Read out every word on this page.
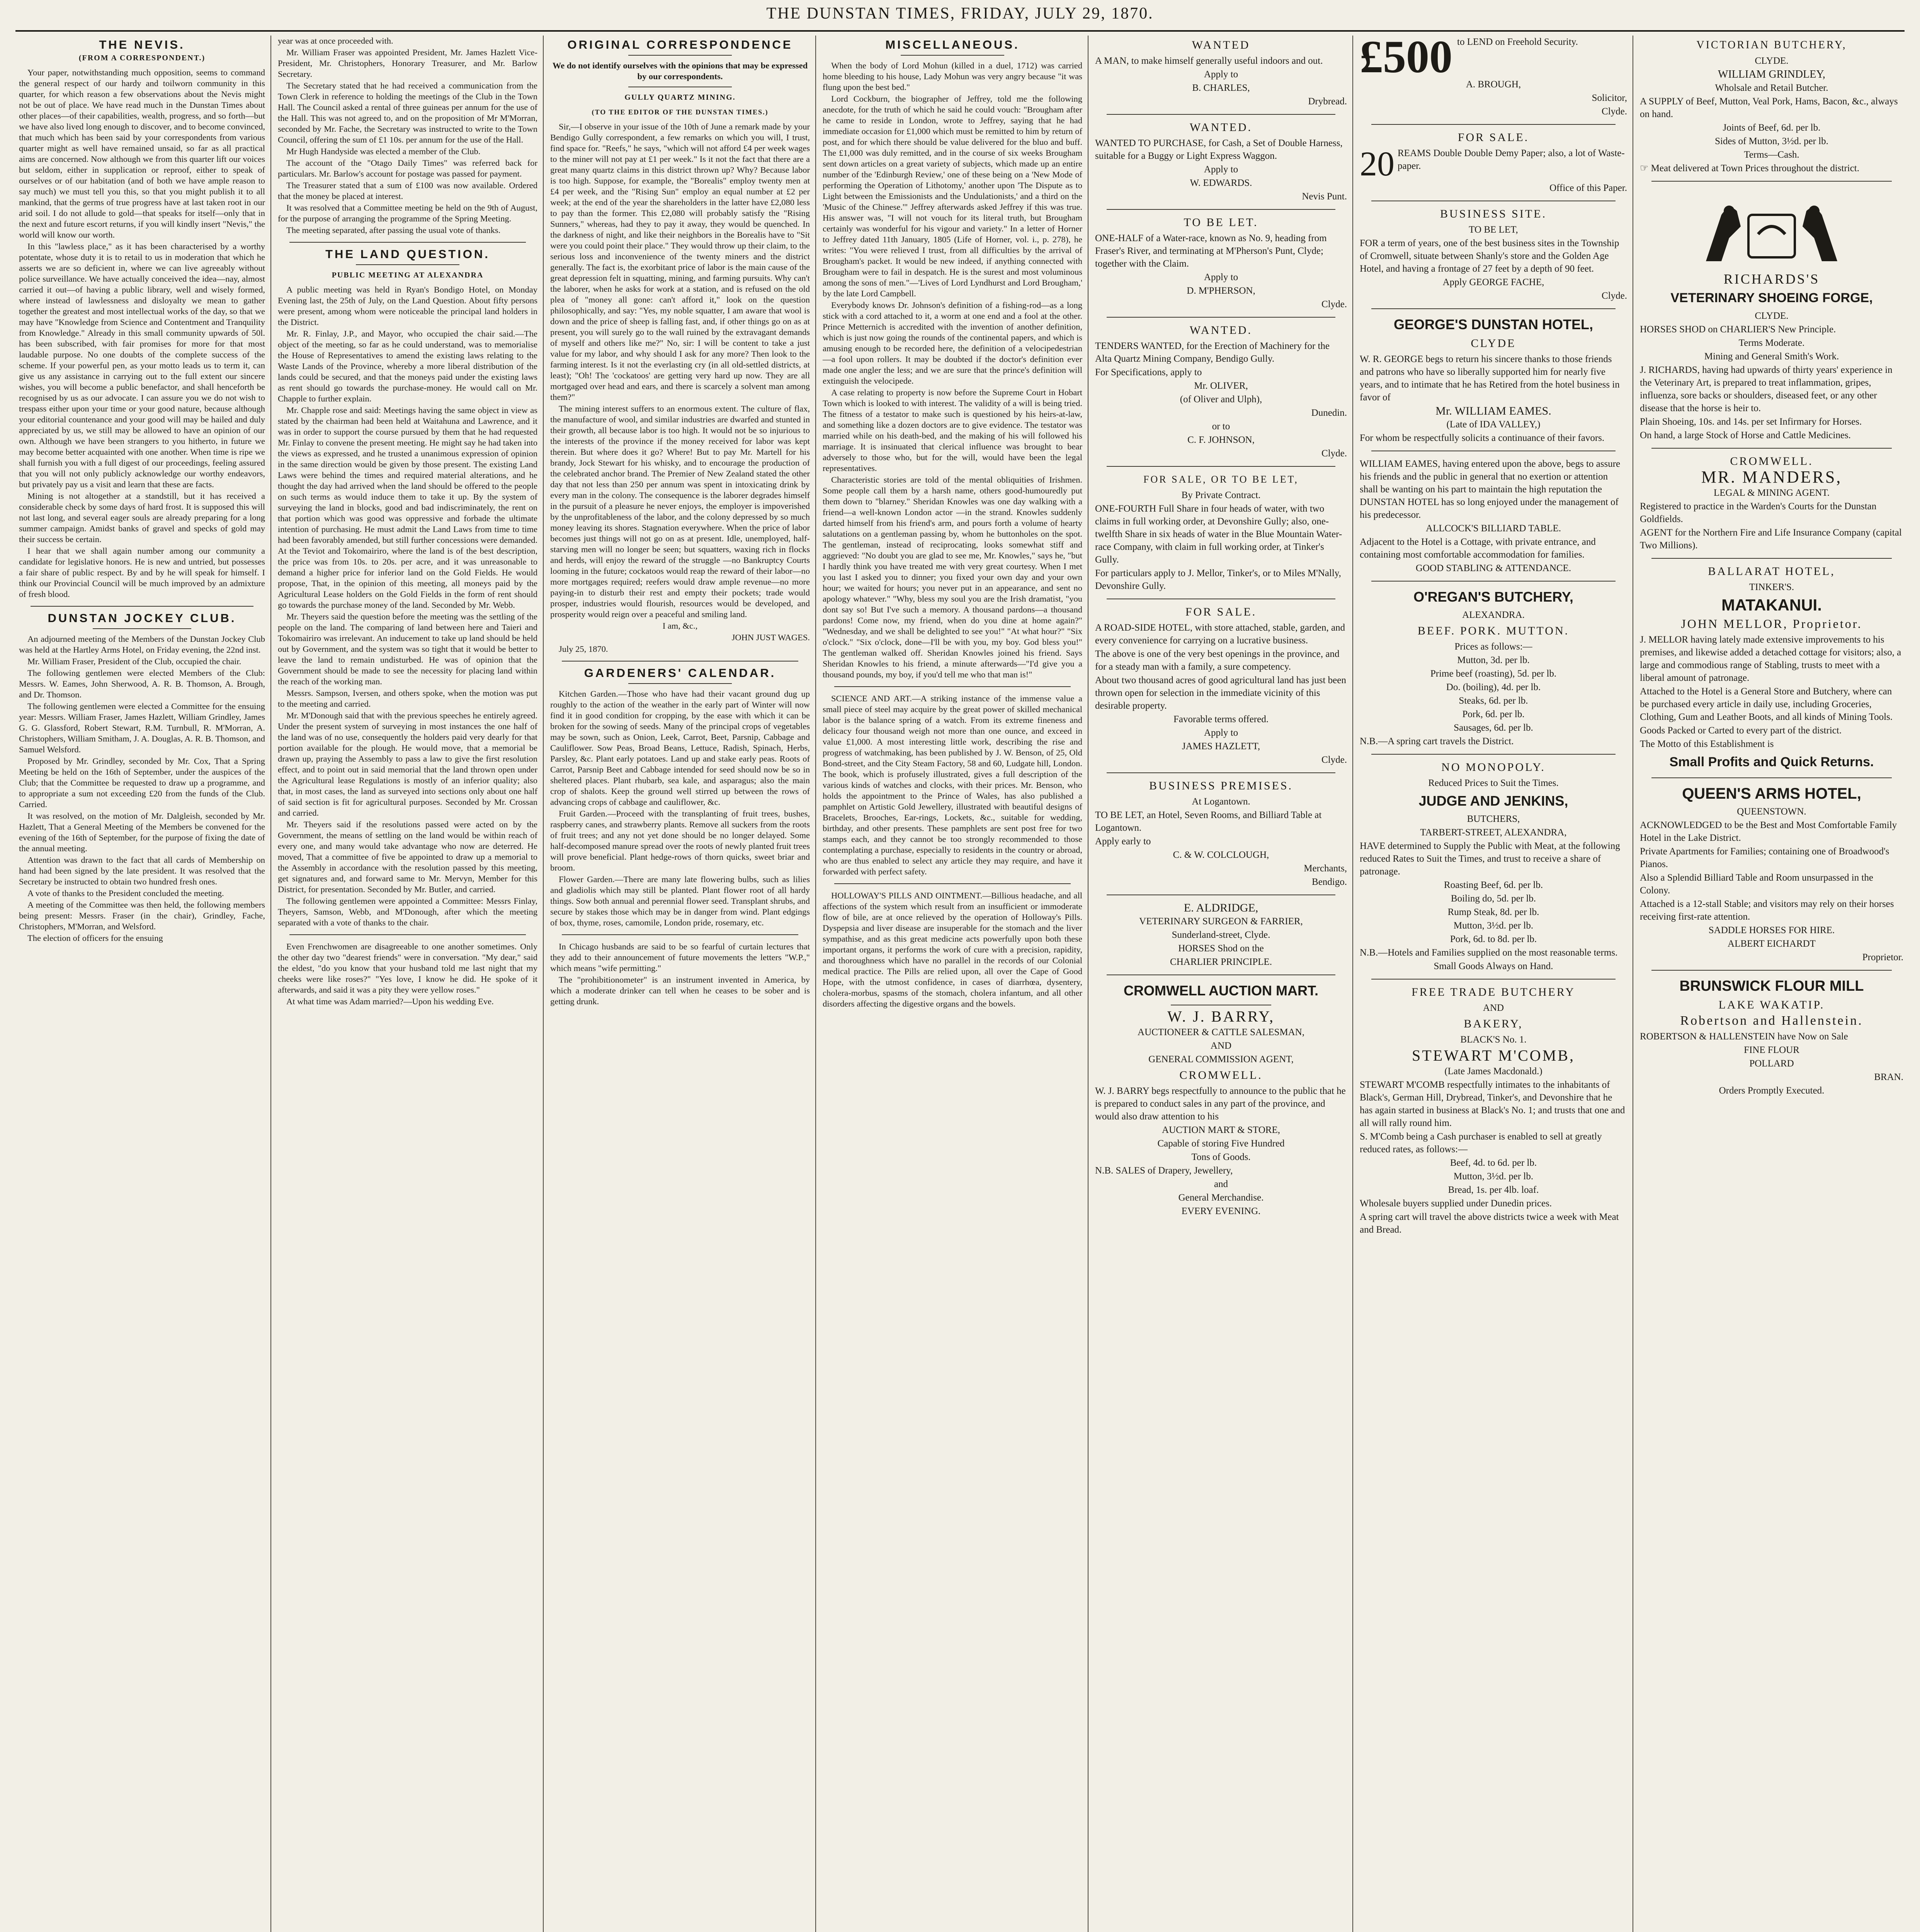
THE DUNSTAN TIMES, FRIDAY, JULY 29, 1870.
THE NEVIS.
(FROM A CORRESPONDENT.)

Your paper, notwithstanding much opposition, seems to command the general respect of our hardy and toilworn community in this quarter, for which reason a few observations about the Nevis might not be out of place. We have read much in the Dunstan Times about other places—of their capabilities, wealth, progress, and so forth—but we have also lived long enough to discover, and to become convinced, that much which has been said by your correspondents from various quarter might as well have remained unsaid, so far as all practical aims are concerned. Now although we from this quarter lift our voices but seldom, either in supplication or reproof, either to speak of ourselves or of our habitation (and of both we have ample reason to say much) we must tell you this, so that you might publish it to all mankind, that the germs of true progress have at last taken root in our arid soil. I do not allude to gold—that speaks for itself—only that in the next and future escort returns, if you will kindly insert "Nevis," the world will know our worth.

In this "lawless place," as it has been characterised by a worthy potentate, whose duty it is to retail to us in moderation that which he asserts we are so deficient in, where we can live agreeably without police surveillance. We have actually conceived the idea—nay, almost carried it out—of having a public library, well and wisely formed, where instead of lawlessness and disloyalty we mean to gather together the greatest and most intellectual works of the day, so that we may have "Knowledge from Science and Contentment and Tranquility from Knowledge." Already in this small community upwards of 50l. has been subscribed, with fair promises for more for that most laudable purpose. No one doubts of the complete success of the scheme. If your powerful pen, as your motto leads us to term it, can give us any assistance in carrying out to the full extent our sincere wishes, you will become a public benefactor, and shall henceforth be recognised by us as our advocate. I can assure you we do not wish to trespass either upon your time or your good nature, because although your editorial countenance and your good will may be hailed and duly appreciated by us, we still may be allowed to have an opinion of our own. Although we have been strangers to you hitherto, in future we may become better acquainted with one another. When time is ripe we shall furnish you with a full digest of our proceedings, feeling assured that you will not only publicly acknowledge our worthy endeavors, but privately pay us a visit and learn that these are facts.

Mining is not altogether at a standstill, but it has received a considerable check by some days of hard frost. It is supposed this will not last long, and several eager souls are already preparing for a long summer campaign. Amidst banks of gravel and specks of gold may their success be certain.

I hear that we shall again number among our community a candidate for legislative honors. He is new and untried, but possesses a fair share of public respect. By and by he will speak for himself. I think our Provincial Council will be much improved by an admixture of fresh blood.

DUNSTAN JOCKEY CLUB.

An adjourned meeting of the Members of the Dunstan Jockey Club was held at the Hartley Arms Hotel, on Friday evening, the 22nd inst.

Mr. William Fraser, President of the Club, occupied the chair.

The following gentlemen were elected Members of the Club: Messrs. W. Eames, John Sherwood, A. R. B. Thomson, A. Brough, and Dr. Thomson.

The following gentlemen were elected a Committee for the ensuing year: Messrs. William Fraser, James Hazlett, William Grindley, James G. G. Glassford, Robert Stewart, R.M. Turnbull, R. M'Morran, A. Christophers, William Smitham, J. A. Douglas, A. R. B. Thomson, and Samuel Welsford.

Proposed by Mr. Grindley, seconded by Mr. Cox, That a Spring Meeting be held on the 16th of September, under the auspices of the Club; that the Committee be requested to draw up a programme, and to appropriate a sum not exceeding £20 from the funds of the Club. Carried.

It was resolved, on the motion of Mr. Dalgleish, seconded by Mr. Hazlett, That a General Meeting of the Members be convened for the evening of the 16th of September, for the purpose of fixing the date of the annual meeting.

Attention was drawn to the fact that all cards of Membership on hand had been signed by the late president. It was resolved that the Secretary be instructed to obtain two hundred fresh ones.

A vote of thanks to the President concluded the meeting.

A meeting of the Committee was then held, the following members being present: Messrs. Fraser (in the chair), Grindley, Fache, Christophers, M'Morran, and Welsford.

The election of officers for the ensuing

year was at once proceeded with.

Mr. William Fraser was appointed President, Mr. James Hazlett Vice-President, Mr. Christophers, Honorary Treasurer, and Mr. Barlow Secretary.

The Secretary stated that he had received a communication from the Town Clerk in reference to holding the meetings of the Club in the Town Hall. The Council asked a rental of three guineas per annum for the use of the Hall. This was not agreed to, and on the proposition of Mr M'Morran, seconded by Mr. Fache, the Secretary was instructed to write to the Town Council, offering the sum of £1 10s. per annum for the use of the Hall.

Mr Hugh Handyside was elected a member of the Club.

The account of the "Otago Daily Times" was referred back for particulars. Mr. Barlow's account for postage was passed for payment.

The Treasurer stated that a sum of £100 was now available. Ordered that the money be placed at interest.

It was resolved that a Committee meeting be held on the 9th of August, for the purpose of arranging the programme of the Spring Meeting.

The meeting separated, after passing the usual vote of thanks.

THE LAND QUESTION.
PUBLIC MEETING AT ALEXANDRA

A public meeting was held in Ryan's Bondigo Hotel, on Monday Evening last, the 25th of July, on the Land Question. About fifty persons were present, among whom were noticeable the principal land holders in the District.

Mr. R. Finlay, J.P., and Mayor, who occupied the chair said.—The object of the meeting, so far as he could understand, was to memorialise the House of Representatives to amend the existing laws relating to the Waste Lands of the Province, whereby a more liberal distribution of the lands could be secured, and that the moneys paid under the existing laws as rent should go towards the purchase-money. He would call on Mr. Chapple to further explain.

Mr. Chapple rose and said: Meetings having the same object in view as stated by the chairman had been held at Waitahuna and Lawrence, and it was in order to support the course pursued by them that he had requested Mr. Finlay to convene the present meeting. He might say he had taken into the views as expressed, and he trusted a unanimous expression of opinion in the same direction would be given by those present. The existing Land Laws were behind the times and required material alterations, and he thought the day had arrived when the land should be offered to the people on such terms as would induce them to take it up. By the system of surveying the land in blocks, good and bad indiscriminately, the rent on that portion which was good was oppressive and forbade the ultimate intention of purchasing. He must admit the Land Laws from time to time had been favorably amended, but still further concessions were demanded. At the Teviot and Tokomairiro, where the land is of the best description, the price was from 10s. to 20s. per acre, and it was unreasonable to demand a higher price for inferior land on the Gold Fields. He would propose, That, in the opinion of this meeting, all moneys paid by the Agricultural Lease holders on the Gold Fields in the form of rent should go towards the purchase money of the land. Seconded by Mr. Webb.

Mr. Theyers said the question before the meeting was the settling of the people on the land. The comparing of land between here and Taieri and Tokomairiro was irrelevant. An inducement to take up land should be held out by Government, and the system was so tight that it would be better to leave the land to remain undisturbed. He was of opinion that the Government should be made to see the necessity for placing land within the reach of the working man.

Messrs. Sampson, Iversen, and others spoke, when the motion was put to the meeting and carried.

Mr. M'Donough said that with the previous speeches he entirely agreed. Under the present system of surveying in most instances the one half of the land was of no use, consequently the holders paid very dearly for that portion available for the plough. He would move, that a memorial be drawn up, praying the Assembly to pass a law to give the first resolution effect, and to point out in said memorial that the land thrown open under the Agricultural lease Regulations is mostly of an inferior quality; also that, in most cases, the land as surveyed into sections only about one half of said section is fit for agricultural purposes. Seconded by Mr. Crossan and carried.

Mr. Theyers said if the resolutions passed were acted on by the Government, the means of settling on the land would be within reach of every one, and many would take advantage who now are deterred. He moved, That a committee of five be appointed to draw up a memorial to the Assembly in accordance with the resolution passed by this meeting, get signatures and, and forward same to Mr. Mervyn, Member for this District, for presentation. Seconded by Mr. Butler, and carried.

The following gentlemen were appointed a Committee: Messrs Finlay, Theyers, Samson, Webb, and M'Donough, after which the meeting separated with a vote of thanks to the chair.

Even Frenchwomen are disagreeable to one another sometimes. Only the other day two "dearest friends" were in conversation. "My dear," said the eldest, "do you know that your husband told me last night that my cheeks were like roses?" "Yes love, I know he did. He spoke of it afterwards, and said it was a pity they were yellow roses."

At what time was Adam married?—Upon his wedding Eve.

ORIGINAL CORRESPONDENCE

We do not identify ourselves with the opinions that may be expressed by our correspondents.

GULLY QUARTZ MINING.
(TO THE EDITOR OF THE DUNSTAN TIMES.)

Sir,—I observe in your issue of the 10th of June a remark made by your Bendigo Gully correspondent, a few remarks on which you will, I trust, find space for. "Reefs," he says, "which will not afford £4 per week wages to the miner will not pay at £1 per week." Is it not the fact that there are a great many quartz claims in this district thrown up? Why? Because labor is too high. Suppose, for example, the "Borealis" employ twenty men at £4 per week, and the "Rising Sun" employ an equal number at £2 per week; at the end of the year the shareholders in the latter have £2,080 less to pay than the former. This £2,080 will probably satisfy the "Rising Sunners," whereas, had they to pay it away, they would be quenched. In the darkness of night, and like their neighbors in the Borealis have to "Sit were you could point their place." They would throw up their claim, to the serious loss and inconvenience of the twenty miners and the district generally. The fact is, the exorbitant price of labor is the main cause of the great depression felt in squatting, mining, and farming pursuits. Why can't the laborer, when he asks for work at a station, and is refused on the old plea of "money all gone: can't afford it," look on the question philosophically, and say: "Yes, my noble squatter, I am aware that wool is down and the price of sheep is falling fast, and, if other things go on as at present, you will surely go to the wall ruined by the extravagant demands of myself and others like me?" No, sir: I will be content to take a just value for my labor, and why should I ask for any more? Then look to the farming interest. Is it not the everlasting cry (in all old-settled districts, at least); "Oh! The 'cockatoos' are getting very hard up now. They are all mortgaged over head and ears, and there is scarcely a solvent man among them?"

The mining interest suffers to an enormous extent. The culture of flax, the manufacture of wool, and similar industries are dwarfed and stunted in their growth, all because labor is too high. It would not be so injurious to the interests of the province if the money received for labor was kept therein. But where does it go? Where! But to pay Mr. Martell for his brandy, Jock Stewart for his whisky, and to encourage the production of the celebrated anchor brand. The Premier of New Zealand stated the other day that not less than 250 per annum was spent in intoxicating drink by every man in the colony. The consequence is the laborer degrades himself in the pursuit of a pleasure he never enjoys, the employer is impoverished by the unprofitableness of the labor, and the colony depressed by so much money leaving its shores. Stagnation everywhere. When the price of labor becomes just things will not go on as at present. Idle, unemployed, half-starving men will no longer be seen; but squatters, waxing rich in flocks and herds, will enjoy the reward of the struggle —no Bankruptcy Courts looming in the future; cockatoos would reap the reward of their labor—no more mortgages required; reefers would draw ample revenue—no more paying-in to disturb their rest and empty their pockets; trade would prosper, industries would flourish, resources would be developed, and prosperity would reign over a peaceful and smiling land.

I am, &c.,

JOHN JUST WAGES.

July 25, 1870.

GARDENERS' CALENDAR.

Kitchen Garden.—Those who have had their vacant ground dug up roughly to the action of the weather in the early part of Winter will now find it in good condition for cropping, by the ease with which it can be broken for the sowing of seeds. Many of the principal crops of vegetables may be sown, such as Onion, Leek, Carrot, Beet, Parsnip, Cabbage and Cauliflower. Sow Peas, Broad Beans, Lettuce, Radish, Spinach, Herbs, Parsley, &c. Plant early potatoes. Land up and stake early peas. Roots of Carrot, Parsnip Beet and Cabbage intended for seed should now be so in sheltered places. Plant rhubarb, sea kale, and asparagus; also the main crop of shalots. Keep the ground well stirred up between the rows of advancing crops of cabbage and cauliflower, &c.

Fruit Garden.—Proceed with the transplanting of fruit trees, bushes, raspberry canes, and strawberry plants. Remove all suckers from the roots of fruit trees; and any not yet done should be no longer delayed. Some half-decomposed manure spread over the roots of newly planted fruit trees will prove beneficial. Plant hedge-rows of thorn quicks, sweet briar and broom.

Flower Garden.—There are many late flowering bulbs, such as lilies and gladiolis which may still be planted. Plant flower root of all hardy things. Sow both annual and perennial flower seed. Transplant shrubs, and secure by stakes those which may be in danger from wind. Plant edgings of box, thyme, roses, camomile, London pride, rosemary, etc.

In Chicago husbands are said to be so fearful of curtain lectures that they add to their announcement of future movements the letters "W.P.," which means "wife permitting."

The "prohibitionometer" is an instrument invented in America, by which a moderate drinker can tell when he ceases to be sober and is getting drunk.

MISCELLANEOUS.

When the body of Lord Mohun (killed in a duel, 1712) was carried home bleeding to his house, Lady Mohun was very angry because "it was flung upon the best bed."

Lord Cockburn, the biographer of Jeffrey, told me the following anecdote, for the truth of which he said he could vouch: "Brougham after he came to reside in London, wrote to Jeffrey, saying that he had immediate occasion for £1,000 which must be remitted to him by return of post, and for which there should be value delivered for the bluo and buff. The £1,000 was duly remitted, and in the course of six weeks Brougham sent down articles on a great variety of subjects, which made up an entire number of the 'Edinburgh Review,' one of these being on a 'New Mode of performing the Operation of Lithotomy,' another upon 'The Dispute as to Light between the Emissionists and the Undulationists,' and a third on the 'Music of the Chinese.'" Jeffrey afterwards asked Jeffrey if this was true. His answer was, "I will not vouch for its literal truth, but Brougham certainly was wonderful for his vigour and variety." In a letter of Horner to Jeffrey dated 11th January, 1805 (Life of Horner, vol. i., p. 278), he writes: "You were relieved I trust, from all difficulties by the arrival of Brougham's packet. It would be new indeed, if anything connected with Brougham were to fail in despatch. He is the surest and most voluminous among the sons of men."—'Lives of Lord Lyndhurst and Lord Brougham,' by the late Lord Campbell.

Everybody knows Dr. Johnson's definition of a fishing-rod—as a long stick with a cord attached to it, a worm at one end and a fool at the other. Prince Metternich is accredited with the invention of another definition, which is just now going the rounds of the continental papers, and which is amusing enough to be recorded here, the definition of a velocipedestrian—a fool upon rollers. It may be doubted if the doctor's definition ever made one angler the less; and we are sure that the prince's definition will extinguish the velocipede.

A case relating to property is now before the Supreme Court in Hobart Town which is looked to with interest. The validity of a will is being tried. The fitness of a testator to make such is questioned by his heirs-at-law, and something like a dozen doctors are to give evidence. The testator was married while on his death-bed, and the making of his will followed his marriage. It is insinuated that clerical influence was brought to bear adversely to those who, but for the will, would have been the legal representatives.

Characteristic stories are told of the mental obliquities of Irishmen. Some people call them by a harsh name, others good-humouredly put them down to "blarney." Sheridan Knowles was one day walking with a friend—a well-known London actor —in the strand. Knowles suddenly darted himself from his friend's arm, and pours forth a volume of hearty salutations on a gentleman passing by, whom he buttonholes on the spot. The gentleman, instead of reciprocating, looks somewhat stiff and aggrieved: "No doubt you are glad to see me, Mr. Knowles," says he, "but I hardly think you have treated me with very great courtesy. When I met you last I asked you to dinner; you fixed your own day and your own hour; we waited for hours; you never put in an appearance, and sent no apology whatever." "Why, bless my soul you are the Irish dramatist, "you dont say so! But I've such a memory. A thousand pardons—a thousand pardons! Come now, my friend, when do you dine at home again?" "Wednesday, and we shall be delighted to see you!" "At what hour?" "Six o'clock." "Six o'clock, done—I'll be with you, my boy. God bless you!" The gentleman walked off. Sheridan Knowles joined his friend. Says Sheridan Knowles to his friend, a minute afterwards—"I'd give you a thousand pounds, my boy, if you'd tell me who that man is!"

SCIENCE AND ART.—A striking instance of the immense value a small piece of steel may acquire by the great power of skilled mechanical labor is the balance spring of a watch. From its extreme fineness and delicacy four thousand weigh not more than one ounce, and exceed in value £1,000. A most interesting little work, describing the rise and progress of watchmaking, has been published by J. W. Benson, of 25, Old Bond-street, and the City Steam Factory, 58 and 60, Ludgate hill, London. The book, which is profusely illustrated, gives a full description of the various kinds of watches and clocks, with their prices. Mr. Benson, who holds the appointment to the Prince of Wales, has also published a pamphlet on Artistic Gold Jewellery, illustrated with beautiful designs of Bracelets, Brooches, Ear-rings, Lockets, &c., suitable for wedding, birthday, and other presents. These pamphlets are sent post free for two stamps each, and they cannot be too strongly recommended to those contemplating a purchase, especially to residents in the country or abroad, who are thus enabled to select any article they may require, and have it forwarded with perfect safety.

HOLLOWAY'S PILLS AND OINTMENT.—Billious headache, and all affections of the system which result from an insufficient or immoderate flow of bile, are at once relieved by the operation of Holloway's Pills. Dyspepsia and liver disease are insuperable for the stomach and the liver sympathise, and as this great medicine acts powerfully upon both these important organs, it performs the work of cure with a precision, rapidity, and thoroughness which have no parallel in the records of our Colonial medical practice. The Pills are relied upon, all over the Cape of Good Hope, with the utmost confidence, in cases of diarrhœa, dysentery, cholera-morbus, spasms of the stomach, cholera infantum, and all other disorders affecting the digestive organs and the bowels.

WANTED

A MAN, to make himself generally useful indoors and out.

Apply to

B. CHARLES,

Drybread.

WANTED.

WANTED TO PURCHASE, for Cash, a Set of Double Harness, suitable for a Buggy or Light Express Waggon.

Apply to

W. EDWARDS.

Nevis Punt.

TO BE LET.

ONE-HALF of a Water-race, known as No. 9, heading from Fraser's River, and terminating at M'Pherson's Punt, Clyde; together with the Claim.

Apply to

D. M'PHERSON,

Clyde.

WANTED.

TENDERS WANTED, for the Erection of Machinery for the Alta Quartz Mining Company, Bendigo Gully.

For Specifications, apply to

Mr. OLIVER,

(of Oliver and Ulph),

Dunedin.

or to

C. F. JOHNSON,

Clyde.

FOR SALE, OR TO BE LET,

By Private Contract.

ONE-FOURTH Full Share in four heads of water, with two claims in full working order, at Devonshire Gully; also, one-twelfth Share in six heads of water in the Blue Mountain Water-race Company, with claim in full working order, at Tinker's Gully.

For particulars apply to J. Mellor, Tinker's, or to Miles M'Nally, Devonshire Gully.

FOR SALE.

A ROAD-SIDE HOTEL, with store attached, stable, garden, and every convenience for carrying on a lucrative business.

The above is one of the very best openings in the province, and for a steady man with a family, a sure competency.

About two thousand acres of good agricultural land has just been thrown open for selection in the immediate vicinity of this desirable property.

Favorable terms offered.

Apply to

JAMES HAZLETT,

Clyde.

BUSINESS PREMISES.

At Logantown.

TO BE LET, an Hotel, Seven Rooms, and Billiard Table at Logantown.

Apply early to

C. & W. COLCLOUGH,

Merchants,

Bendigo.

E. ALDRIDGE,

VETERINARY SURGEON & FARRIER,

Sunderland-street, Clyde.

HORSES Shod on the

CHARLIER PRINCIPLE.

CROMWELL AUCTION MART.
W. J. BARRY,

AUCTIONEER & CATTLE SALESMAN,

AND

GENERAL COMMISSION AGENT,

CROMWELL.

W. J. BARRY begs respectfully to announce to the public that he is prepared to conduct sales in any part of the province, and would also draw attention to his

AUCTION MART & STORE,

Capable of storing Five Hundred

Tons of Goods.

N.B. SALES of Drapery, Jewellery,

and

General Merchandise.

EVERY EVENING.

£500 to LEND on Freehold Security.

A. BROUGH,

Solicitor,

Clyde.

FOR SALE.

20 REAMS Double Double Demy Paper; also, a lot of Waste-paper.

Office of this Paper.

BUSINESS SITE.

TO BE LET,

FOR a term of years, one of the best business sites in the Township of Cromwell, situate between Shanly's store and the Golden Age Hotel, and having a frontage of 27 feet by a depth of 90 feet.

Apply GEORGE FACHE,

Clyde.

GEORGE'S DUNSTAN HOTEL,
CLYDE

W. R. GEORGE begs to return his sincere thanks to those friends and patrons who have so liberally supported him for nearly five years, and to intimate that he has Retired from the hotel business in favor of

Mr. WILLIAM EAMES.

(Late of IDA VALLEY,)

For whom be respectfully solicits a continuance of their favors.

WILLIAM EAMES, having entered upon the above, begs to assure his friends and the public in general that no exertion or attention shall be wanting on his part to maintain the high reputation the DUNSTAN HOTEL has so long enjoyed under the management of his predecessor.

ALLCOCK'S BILLIARD TABLE.

Adjacent to the Hotel is a Cottage, with private entrance, and containing most comfortable accommodation for families.

GOOD STABLING & ATTENDANCE.

O'REGAN'S BUTCHERY,

ALEXANDRA.

BEEF. PORK. MUTTON.

Prices as follows:—

Mutton, 3d. per lb.

Prime beef (roasting), 5d. per lb.

Do. (boiling), 4d. per lb.

Steaks, 6d. per lb.

Pork, 6d. per lb.

Sausages, 6d. per lb.

N.B.—A spring cart travels the District.

NO MONOPOLY.

Reduced Prices to Suit the Times.

JUDGE AND JENKINS,

BUTCHERS,

TARBERT-STREET, ALEXANDRA,

HAVE determined to Supply the Public with Meat, at the following reduced Rates to Suit the Times, and trust to receive a share of patronage.

Roasting Beef, 6d. per lb.

Boiling do, 5d. per lb.

Rump Steak, 8d. per lb.

Mutton, 3½d. per lb.

Pork, 6d. to 8d. per lb.

N.B.—Hotels and Families supplied on the most reasonable terms.

Small Goods Always on Hand.

FREE TRADE BUTCHERY

AND

BAKERY,

BLACK'S No. 1.

STEWART M'COMB,

(Late James Macdonald.)

STEWART M'COMB respectfully intimates to the inhabitants of Black's, German Hill, Drybread, Tinker's, and Devonshire that he has again started in business at Black's No. 1; and trusts that one and all will rally round him.

S. M'Comb being a Cash purchaser is enabled to sell at greatly reduced rates, as follows:—

Beef, 4d. to 6d. per lb.

Mutton, 3½d. per lb.

Bread, 1s. per 4lb. loaf.

Wholesale buyers supplied under Dunedin prices.

A spring cart will travel the above districts twice a week with Meat and Bread.

VICTORIAN BUTCHERY,

CLYDE.

WILLIAM GRINDLEY,

Wholsale and Retail Butcher.

A SUPPLY of Beef, Mutton, Veal Pork, Hams, Bacon, &c., always on hand.

Joints of Beef, 6d. per lb.

Sides of Mutton, 3½d. per lb.

Terms—Cash.

☞ Meat delivered at Town Prices throughout the district.

RICHARDS'S
VETERINARY SHOEING FORGE,

CLYDE.

HORSES SHOD on CHARLIER'S New Principle.

Terms Moderate.

Mining and General Smith's Work.

J. RICHARDS, having had upwards of thirty years' experience in the Veterinary Art, is prepared to treat inflammation, gripes, influenza, sore backs or shoulders, diseased feet, or any other disease that the horse is heir to.

Plain Shoeing, 10s. and 14s. per set Infirmary for Horses.

On hand, a large Stock of Horse and Cattle Medicines.

CROMWELL.
MR. MANDERS,

LEGAL & MINING AGENT.

Registered to practice in the Warden's Courts for the Dunstan Goldfields.

AGENT for the Northern Fire and Life Insurance Company (capital Two Millions).

BALLARAT HOTEL,

TINKER'S.

MATAKANUI.
JOHN MELLOR, Proprietor.

J. MELLOR having lately made extensive improvements to his premises, and likewise added a detached cottage for visitors; also, a large and commodious range of Stabling, trusts to meet with a liberal amount of patronage.

Attached to the Hotel is a General Store and Butchery, where can be purchased every article in daily use, including Groceries, Clothing, Gum and Leather Boots, and all kinds of Mining Tools.

Goods Packed or Carted to every part of the district.

The Motto of this Establishment is

Small Profits and Quick Returns.
QUEEN'S ARMS HOTEL,

QUEENSTOWN.

ACKNOWLEDGED to be the Best and Most Comfortable Family Hotel in the Lake District.

Private Apartments for Families; containing one of Broadwood's Pianos.

Also a Splendid Billiard Table and Room unsurpassed in the Colony.

Attached is a 12-stall Stable; and visitors may rely on their horses receiving first-rate attention.

SADDLE HORSES FOR HIRE.

ALBERT EICHARDT

Proprietor.

BRUNSWICK FLOUR MILL
LAKE WAKATIP.
Robertson and Hallenstein.

ROBERTSON & HALLENSTEIN have Now on Sale

FINE FLOUR

POLLARD

BRAN.

Orders Promptly Executed.
